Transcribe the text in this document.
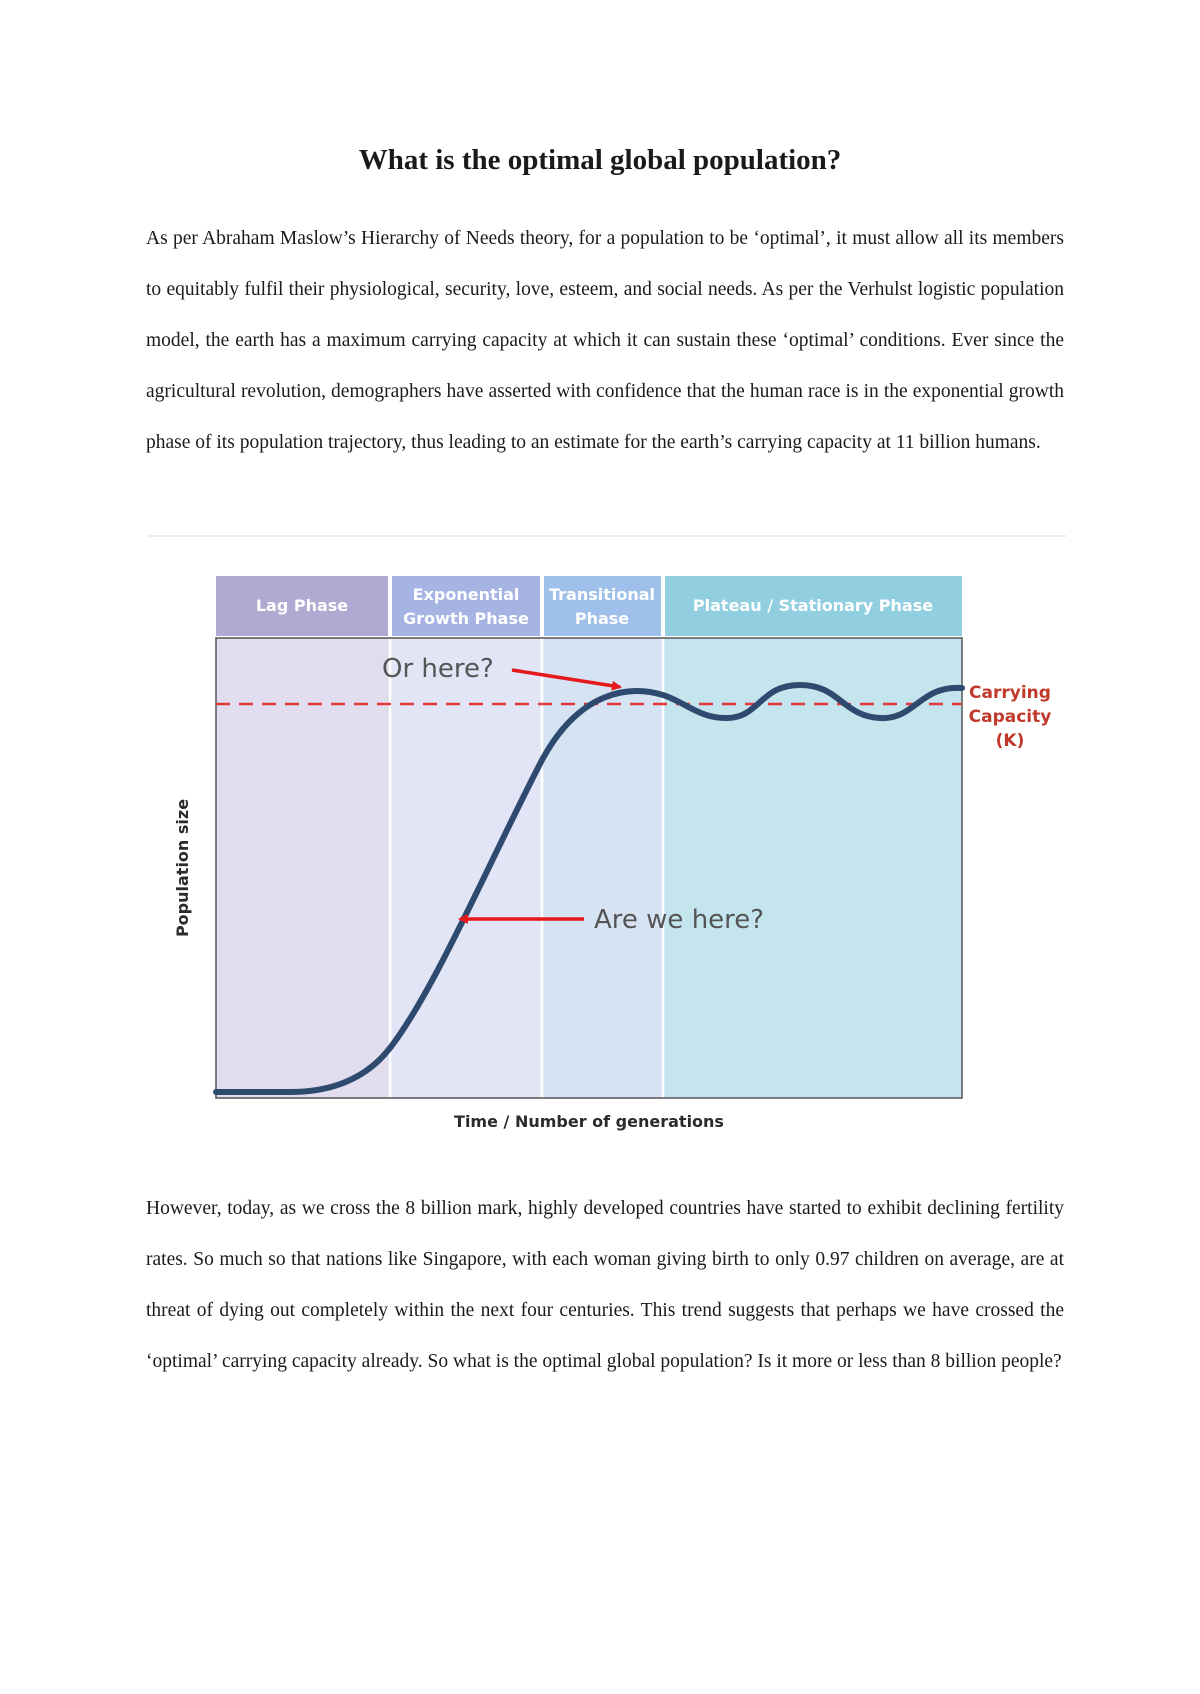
What is the optimal global population?

As per Abraham Maslow’s Hierarchy of Needs theory, for a population to be ‘optimal’, it must allow all its members to equitably fulfil their physiological, security, love, esteem, and social needs. As per the Verhulst logistic population model, the earth has a maximum carrying capacity at which it can sustain these ‘optimal’ conditions. Ever since the agricultural revolution, demographers have asserted with confidence that the human race is in the exponential growth phase of its population trajectory, thus leading to an estimate for the earth’s carrying capacity at 11 billion humans.

Lag Phase
Exponential
Growth Phase
Transitional
Phase
Plateau / Stationary Phase
Carrying
Capacity
(K)
Or here?
Are we here?
Time / Number of generations
Population size

However, today, as we cross the 8 billion mark, highly developed countries have started to exhibit declining fertility rates. So much so that nations like Singapore, with each woman giving birth to only 0.97 children on average, are at threat of dying out completely within the next four centuries. This trend suggests that perhaps we have crossed the ‘optimal’ carrying capacity already. So what is the optimal global population? Is it more or less than 8 billion people?
